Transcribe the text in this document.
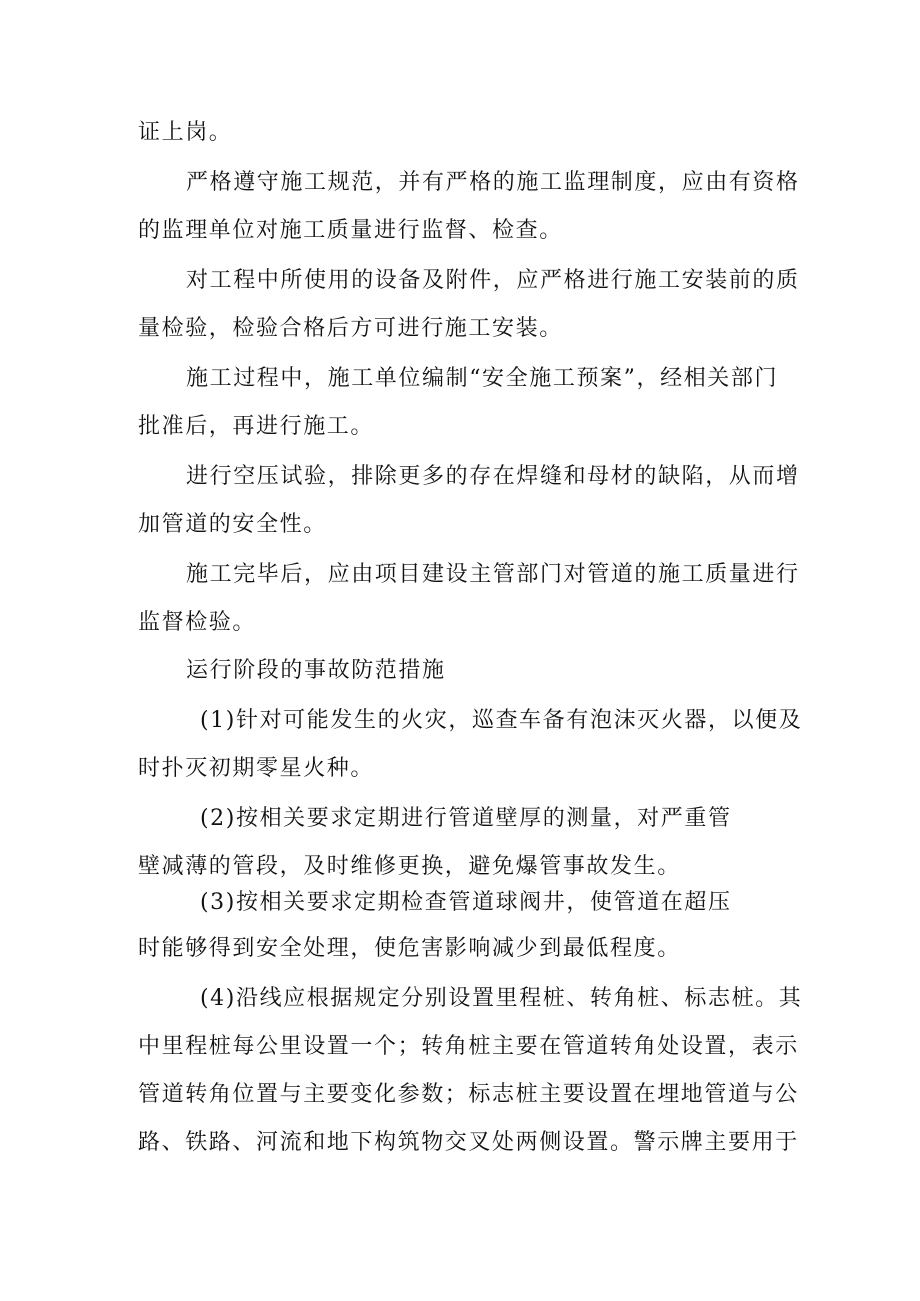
证上岗。
严格遵守施工规范，并有严格的施工监理制度，应由有资格
的监理单位对施工质量进行监督、检查。
对工程中所使用的设备及附件，应严格进行施工安装前的质
量检验，检验合格后方可进行施工安装。
施工过程中，施工单位编制“安全施工预案”，经相关部门
批准后，再进行施工。
进行空压试验，排除更多的存在焊缝和母材的缺陷，从而增
加管道的安全性。
施工完毕后，应由项目建设主管部门对管道的施工质量进行
监督检验。
运行阶段的事故防范措施
(1)针对可能发生的火灾，巡查车备有泡沫灭火器，以便及
时扑灭初期零星火种。
(2)按相关要求定期进行管道壁厚的测量，对严重管
壁减薄的管段，及时维修更换，避免爆管事故发生。
(3)按相关要求定期检查管道球阀井，使管道在超压
时能够得到安全处理，使危害影响减少到最低程度。
(4)沿线应根据规定分别设置里程桩、转角桩、标志桩。其
中里程桩每公里设置一个；转角桩主要在管道转角处设置，表示
管道转角位置与主要变化参数；标志桩主要设置在埋地管道与公
路、铁路、河流和地下构筑物交叉处两侧设置。警示牌主要用于
